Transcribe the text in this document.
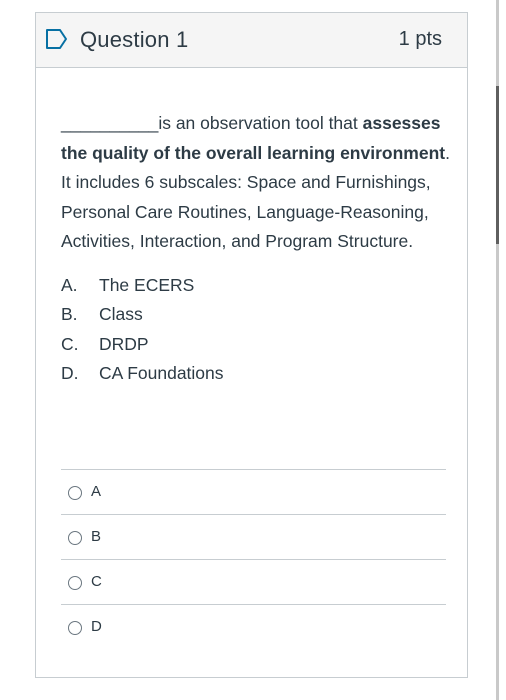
Question 1	1 pts

__________is an observation tool that assesses the quality of the overall learning environment. It includes 6 subscales: Space and Furnishings, Personal Care Routines, Language-Reasoning, Activities, Interaction, and Program Structure.

A.	The ECERS
B.	Class
C.	DRDP
D.	CA Foundations
A
B
C
D
